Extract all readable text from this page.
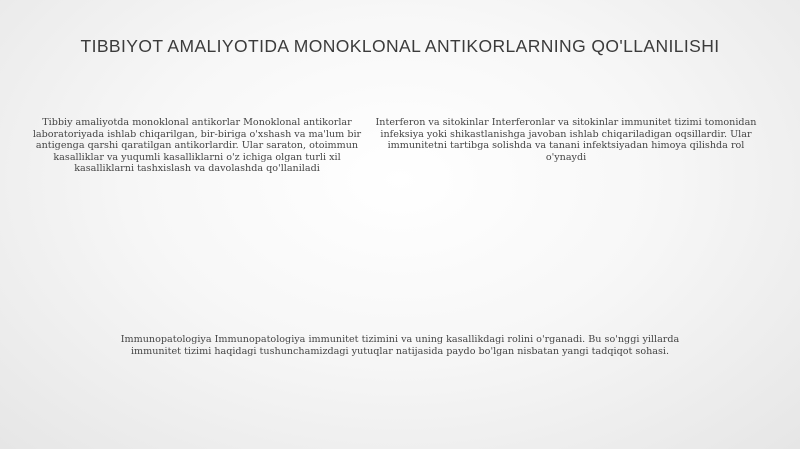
TIBBIYOT AMALIYOTIDA MONOKLONAL ANTIKORLARNING QO'LLANILISHI
Tibbiy amaliyotda monoklonal antikorlar Monoklonal antikorlar laboratoriyada ishlab chiqarilgan, bir-biriga o'xshash va ma'lum bir antigenga qarshi qaratilgan antikorlardir. Ular saraton, otoimmun kasalliklar va yuqumli kasalliklarni o'z ichiga olgan turli xil kasalliklarni tashxislash va davolashda qo'llaniladi
Interferon va sitokinlar Interferonlar va sitokinlar immunitet tizimi tomonidan infeksiya yoki shikastlanishga javoban ishlab chiqariladigan oqsillardir. Ular immunitetni tartibga solishda va tanani infektsiyadan himoya qilishda rol o'ynaydi
Immunopatologiya Immunopatologiya immunitet tizimini va uning kasallikdagi rolini o'rganadi. Bu so'nggi yillarda immunitet tizimi haqidagi tushunchamizdagi yutuqlar natijasida paydo bo'lgan nisbatan yangi tadqiqot sohasi.
